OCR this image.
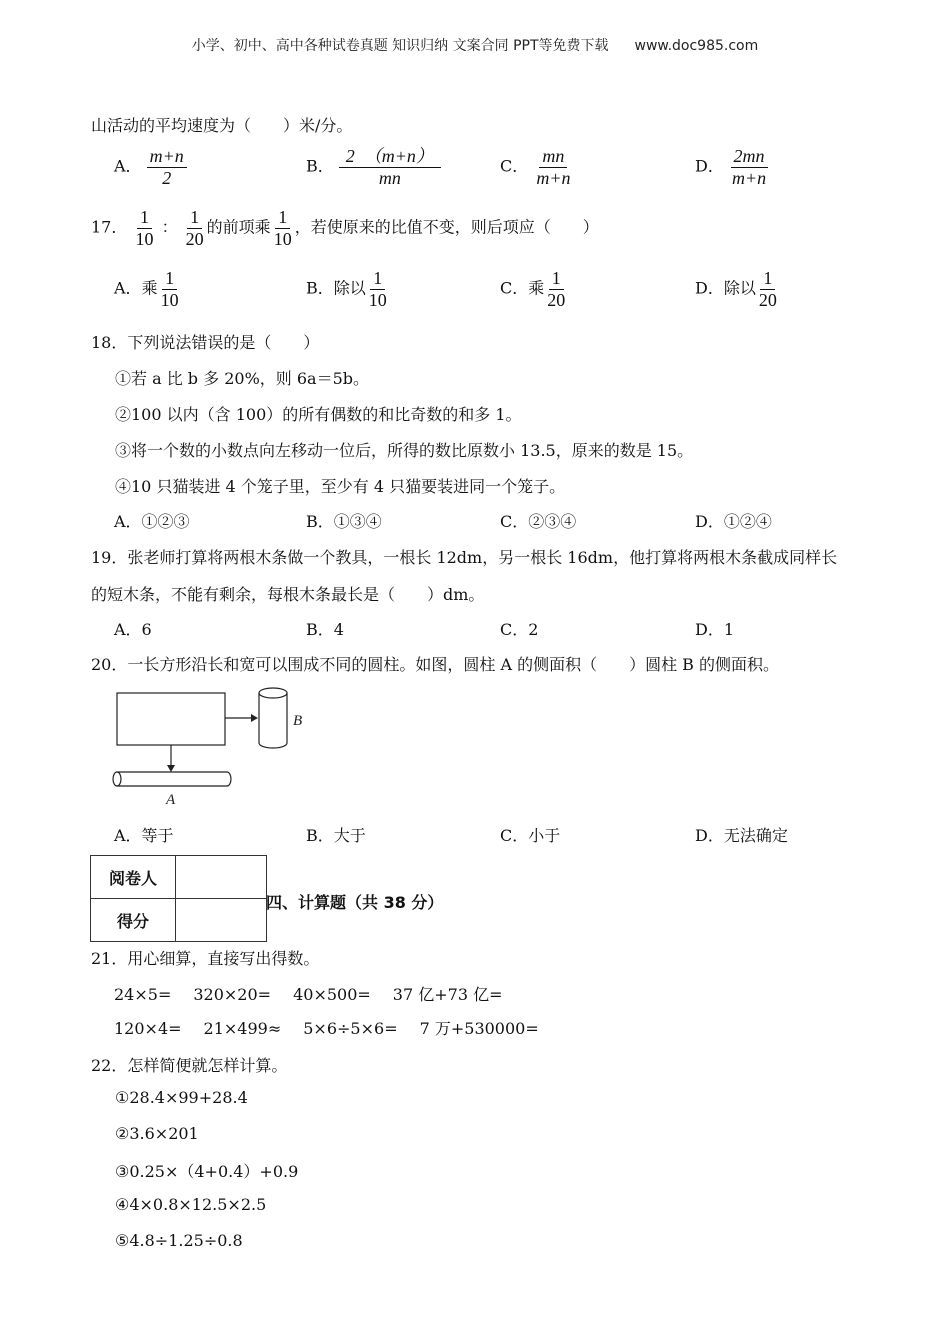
小学、初中、高中各种试卷真题 知识归纳 文案合同 PPT等免费下载 www.doc985.com
山活动的平均速度为（　　）米/分。
A． $\frac{m+n}{2}$	B． $\frac{2 (m+n)}{mn}$	C． $\frac{mn}{m+n}$	D． $\frac{2mn}{m+n}$
17． $\frac{1}{10}$ ： $\frac{1}{20}$ 的前项乘 $\frac{1}{10}$ ，若使原来的比值不变，则后项应（　　）
A．乘 $\frac{1}{10}$	B．除以 $\frac{1}{10}$	C．乘 $\frac{1}{20}$	D．除以 $\frac{1}{20}$
18．下列说法错误的是（　　）
①若 a 比 b 多 20%，则 6a＝5b。
②100 以内（含 100）的所有偶数的和比奇数的和多 1。
③将一个数的小数点向左移动一位后，所得的数比原数小 13.5，原来的数是 15。
④10 只猫装进 4 个笼子里，至少有 4 只猫要装进同一个笼子。
A．①②③	B．①③④	C．②③④	D．①②④
19．张老师打算将两根木条做一个教具，一根长 12dm，另一根长 16dm，他打算将两根木条截成同样长
的短木条，不能有剩余，每根木条最长是（　　）dm。
A．6	B．4	C．2	D．1
20．一长方形沿长和宽可以围成不同的圆柱。如图，圆柱 A 的侧面积（　　）圆柱 B 的侧面积。
B
A
A．等于	B．大于	C．小于	D．无法确定
阅卷人	
得分	
四、计算题（共 38 分）
21．用心细算，直接写出得数。
24×5= 320×20= 40×500= 37 亿+73 亿=
120×4= 21×499≈ 5×6÷5×6= 7 万+530000=
22．怎样简便就怎样计算。
①28.4×99+28.4
②3.6×201
③0.25×（4+0.4）+0.9
④4×0.8×12.5×2.5
⑤4.8÷1.25÷0.8
